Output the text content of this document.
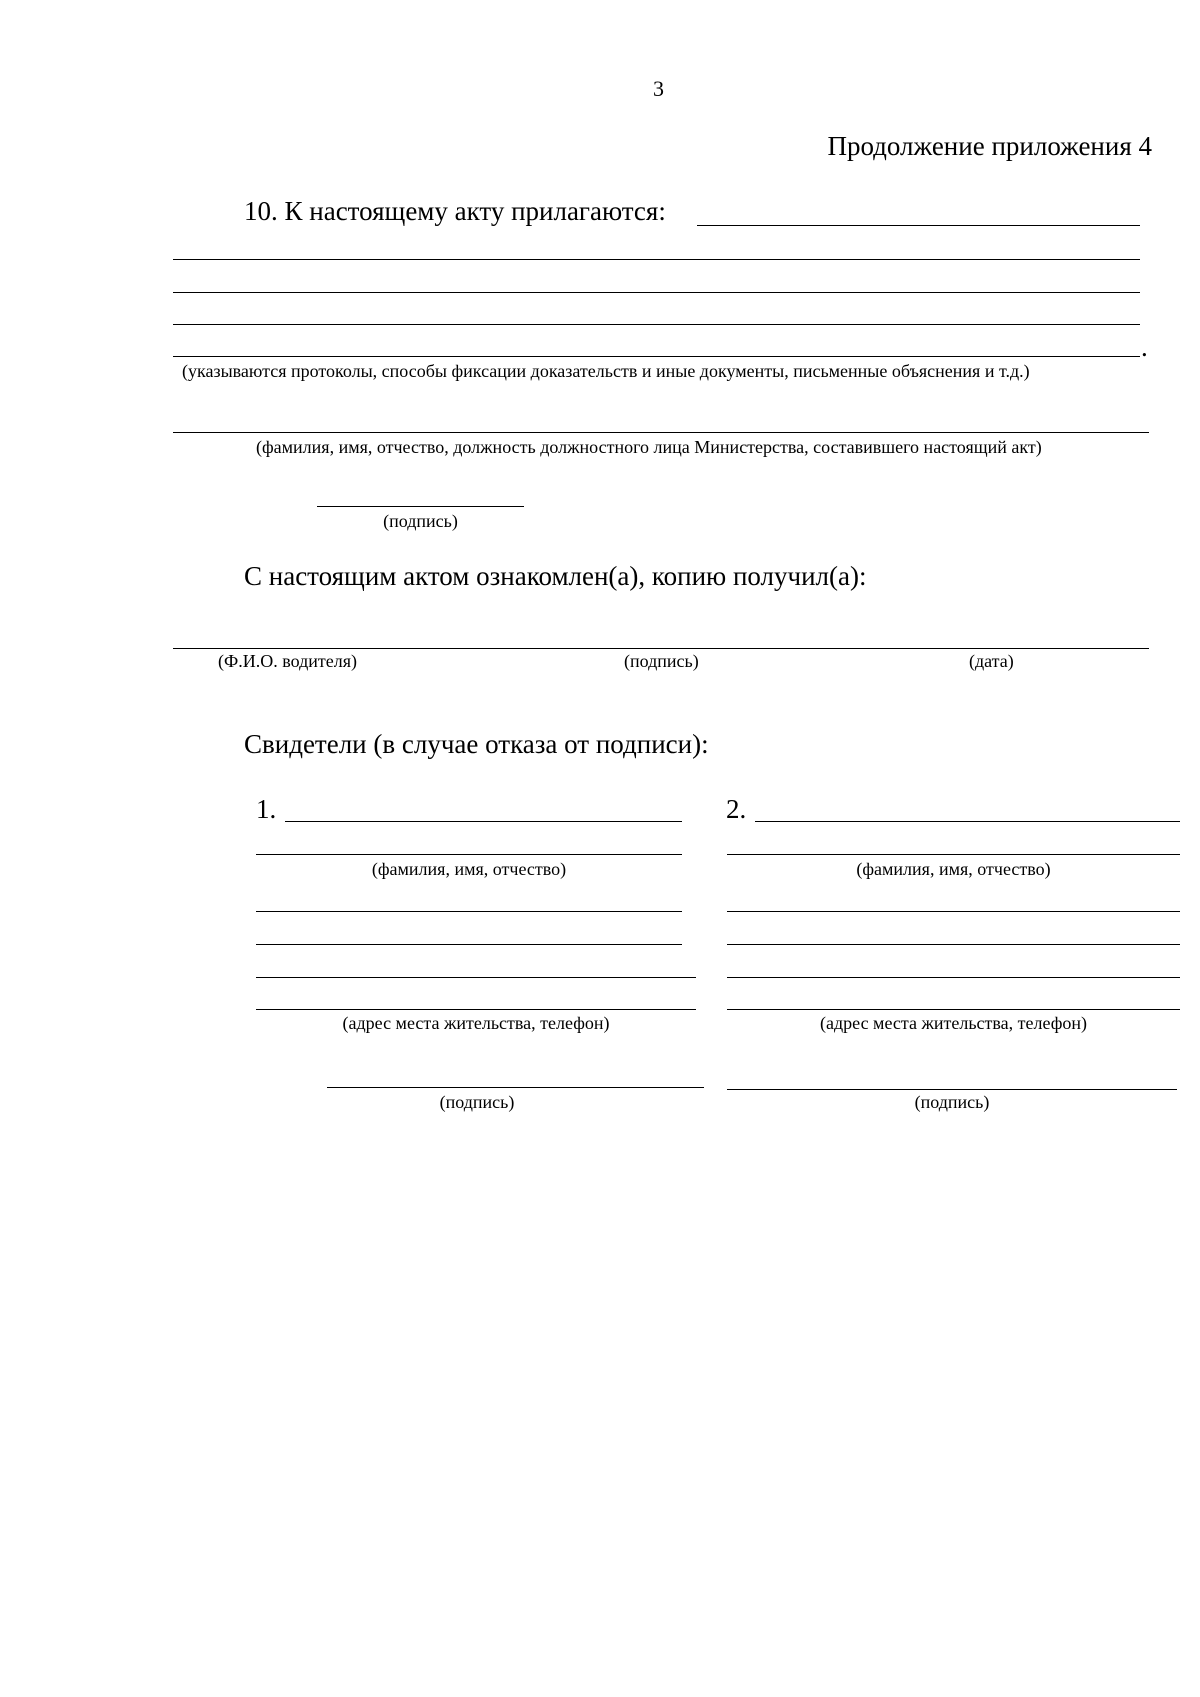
3
Продолжение приложения 4
10. К настоящему акту прилагаются:
.
(указываются протоколы, способы фиксации доказательств и иные документы, письменные объяснения и т.д.)
(фамилия, имя, отчество, должность должностного лица Министерства, составившего настоящий акт)
(подпись)
С настоящим актом ознакомлен(а), копию получил(а):
(Ф.И.О. водителя)	(подпись)	(дата)
Свидетели (в случае отказа от подписи):
1.
(фамилия, имя, отчество)
(адрес места жительства, телефон)
(подпись)
2.
(фамилия, имя, отчество)
(адрес места жительства, телефон)
(подпись)
